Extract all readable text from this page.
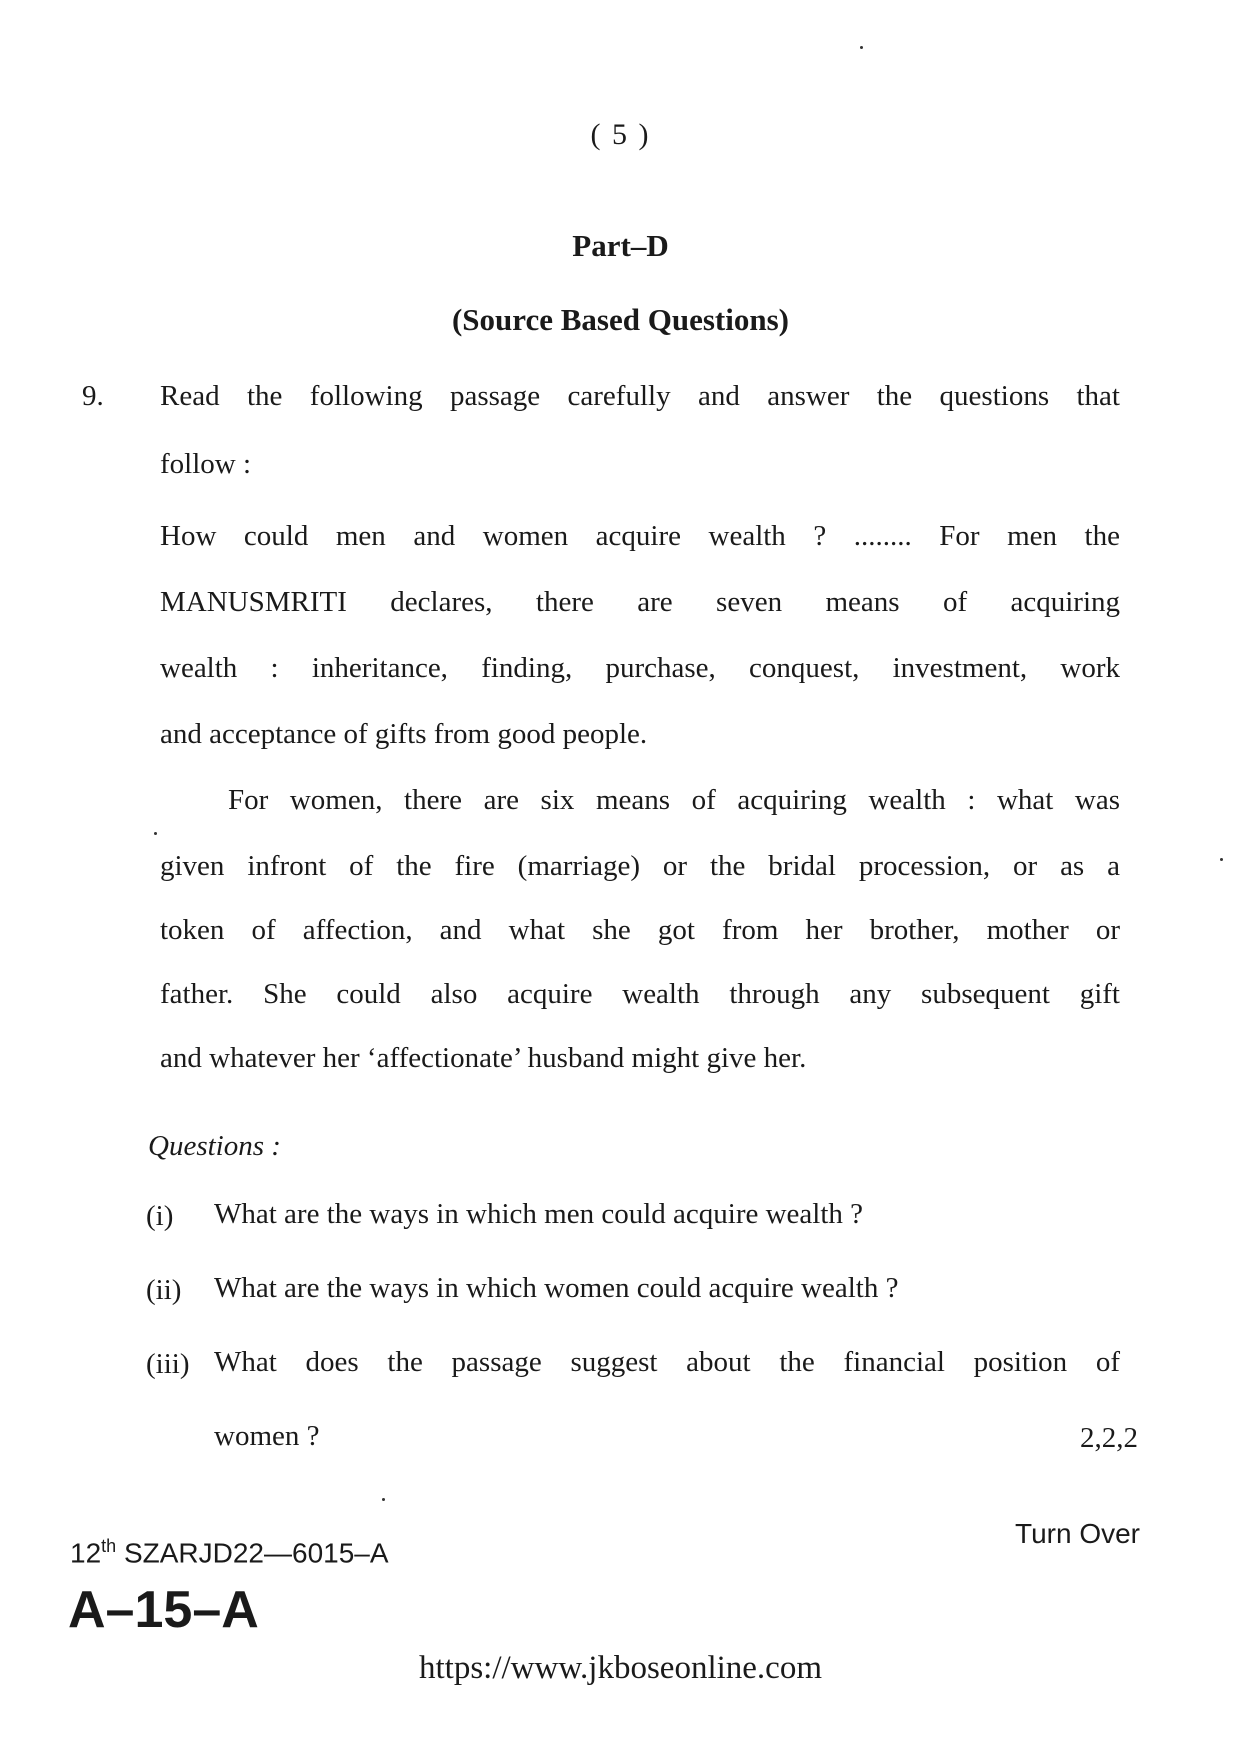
( 5 )
Part–D
(Source Based Questions)
9. Read the following passage carefully and answer the questions that
follow :
How could men and women acquire wealth ? ........ For men the
MANUSMRITI declares, there are seven means of acquiring
wealth : inheritance, finding, purchase, conquest, investment, work
and acceptance of gifts from good people.
For women, there are six means of acquiring wealth : what was
given infront of the fire (marriage) or the bridal procession, or as a
token of affection, and what she got from her brother, mother or
father. She could also acquire wealth through any subsequent gift
and whatever her ‘affectionate’ husband might give her.
Questions :
(i) What are the ways in which men could acquire wealth ?
(ii) What are the ways in which women could acquire wealth ?
(iii) What does the passage suggest about the financial position of
women ?	2,2,2
Turn Over
12th SZARJD22—6015–A
A–15–A
https://www.jkboseonline.com
